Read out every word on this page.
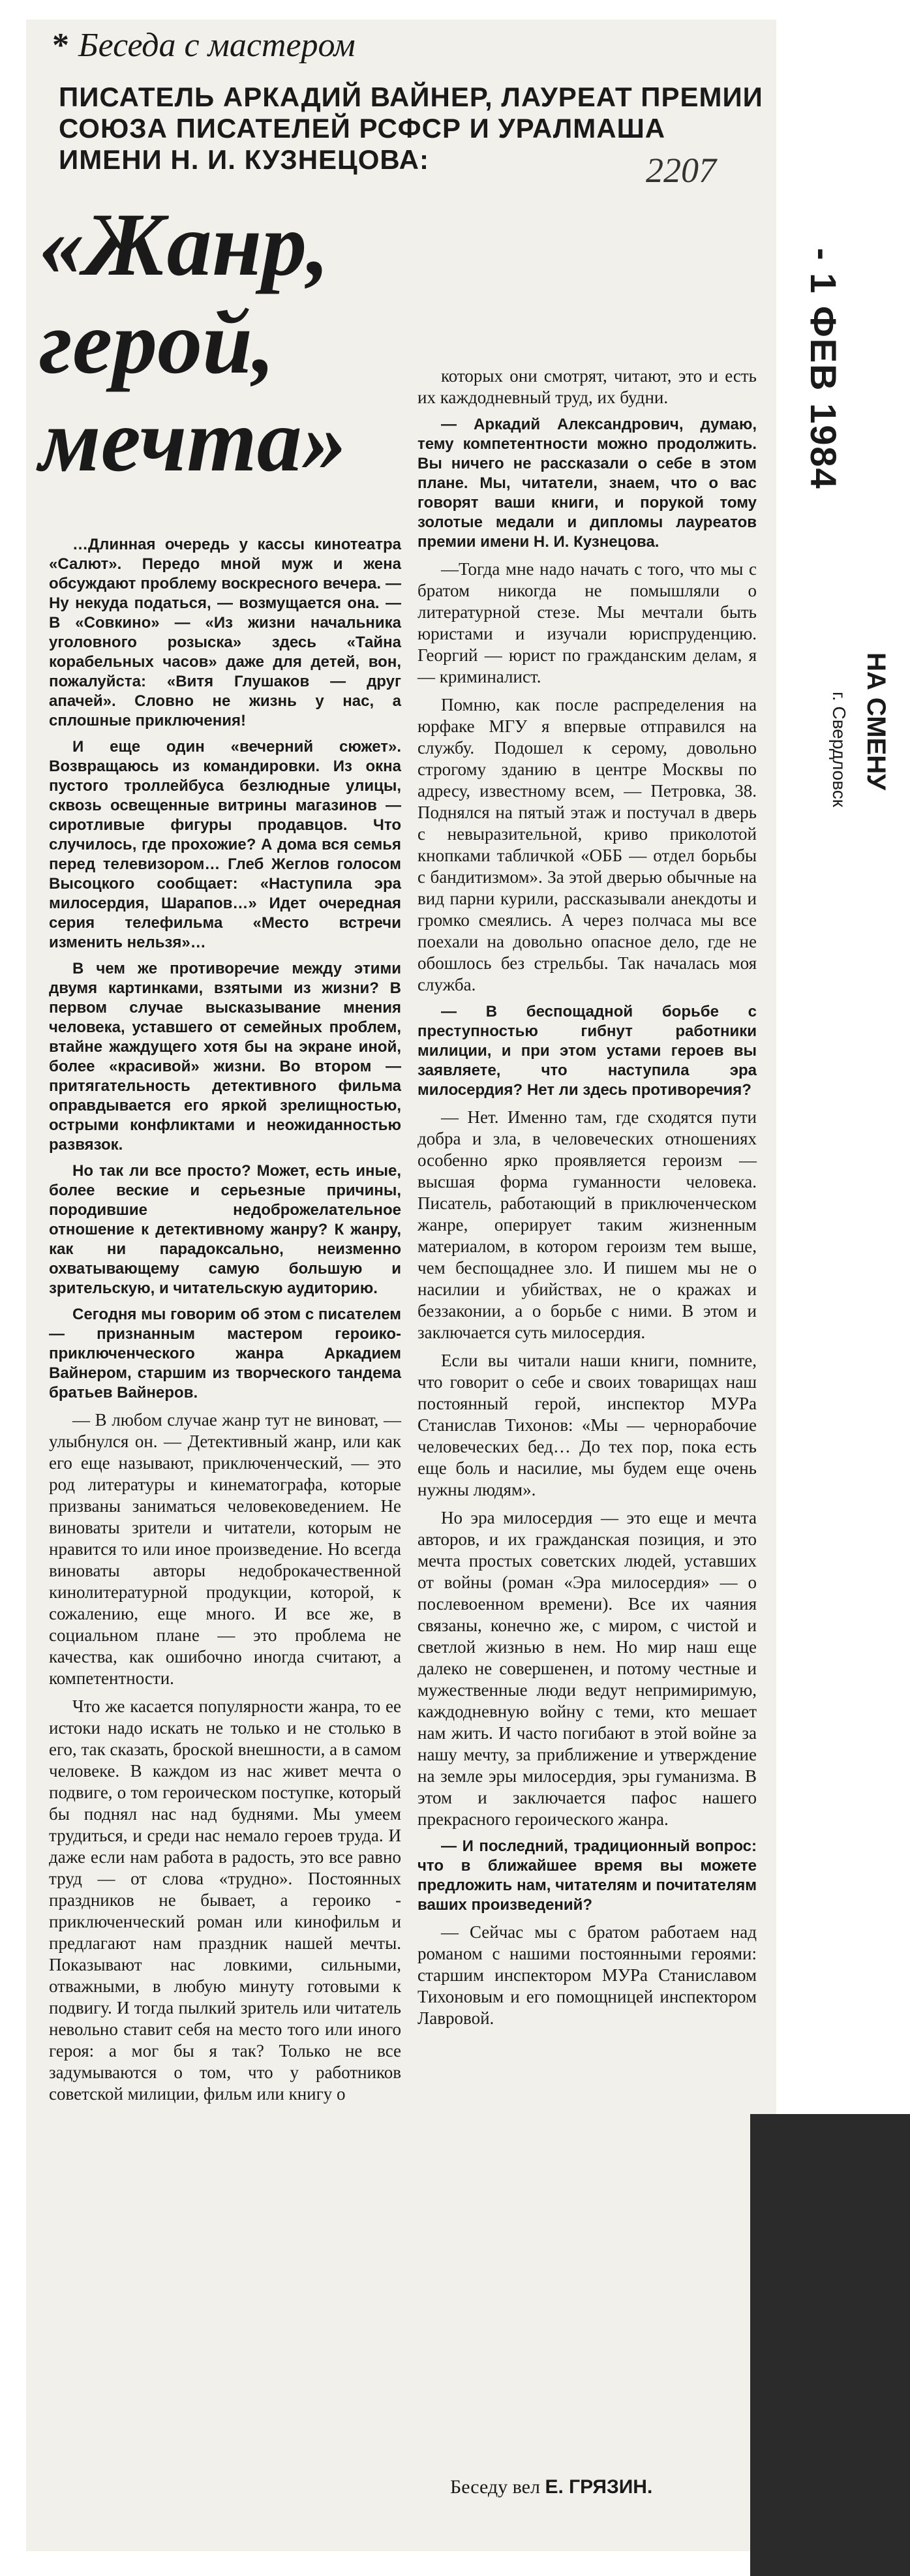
* Беседа с мастером
ПИСАТЕЛЬ АРКАДИЙ ВАЙНЕР, ЛАУРЕАТ ПРЕМИИ СОЮЗА ПИСАТЕЛЕЙ РСФСР И УРАЛМАША ИМЕНИ Н. И. КУЗНЕЦОВА:
«Жанр, герой, мечта»
2207
- 1 ФЕВ 1984
НА СМЕНУ
г. Свердловск

…Длинная очередь у кассы кинотеатра «Салют». Передо мной муж и жена обсуждают проблему воскресного вечера. — Ну некуда податься, — возмущается она. — В «Совкино» — «Из жизни начальника уголовного розыска» здесь «Тайна корабельных часов» даже для детей, вон, пожалуйста: «Витя Глушаков — друг апачей». Словно не жизнь у нас, а сплошные приключения!

И еще один «вечерний сюжет». Возвращаюсь из командировки. Из окна пустого троллейбуса безлюдные улицы, сквозь освещенные витрины магазинов — сиротливые фигуры продавцов. Что случилось, где прохожие? А дома вся семья перед телевизором… Глеб Жеглов голосом Высоцкого сообщает: «Наступила эра милосердия, Шарапов…» Идет очередная серия телефильма «Место встречи изменить нельзя»…

В чем же противоречие между этими двумя картинками, взятыми из жизни? В первом случае высказывание мнения человека, уставшего от семейных проблем, втайне жаждущего хотя бы на экране иной, более «красивой» жизни. Во втором — притягательность детективного фильма оправдывается его яркой зрелищностью, острыми конфликтами и неожиданностью развязок.

Но так ли все просто? Может, есть иные, более веские и серьезные причины, породившие недоброжелательное отношение к детективному жанру? К жанру, как ни парадоксально, неизменно охватывающему самую большую и зрительскую, и читательскую аудиторию.

Сегодня мы говорим об этом с писателем — признанным мастером героико-приключенческого жанра Аркадием Вайнером, старшим из творческого тандема братьев Вайнеров.

— В любом случае жанр тут не виноват, — улыбнулся он. — Детективный жанр, или как его еще называют, приключенческий, — это род литературы и кинематографа, которые призваны заниматься человековедением. Не виноваты зрители и читатели, которым не нравится то или иное произведение. Но всегда виноваты авторы недоброкачественной кинолитературной продукции, которой, к сожалению, еще много. И все же, в социальном плане — это проблема не качества, как ошибочно иногда считают, а компетентности.

Что же касается популярности жанра, то ее истоки надо искать не только и не столько в его, так сказать, броской внешности, а в самом человеке. В каждом из нас живет мечта о подвиге, о том героическом поступке, который бы поднял нас над буднями. Мы умеем трудиться, и среди нас немало героев труда. И даже если нам работа в радость, это все равно труд — от слова «трудно». Постоянных праздников не бывает, а героико - приключенческий роман или кинофильм и предлагают нам праздник нашей мечты. Показывают нас ловкими, сильными, отважными, в любую минуту готовыми к подвигу. И тогда пылкий зритель или читатель невольно ставит себя на место того или иного героя: а мог бы я так? Только не все задумываются о том, что у работников советской милиции, фильм или книгу о

которых они смотрят, читают, это и есть их каждодневный труд, их будни.

— Аркадий Александрович, думаю, тему компетентности можно продолжить. Вы ничего не рассказали о себе в этом плане. Мы, читатели, знаем, что о вас говорят ваши книги, и порукой тому золотые медали и дипломы лауреатов премии имени Н. И. Кузнецова.

—Тогда мне надо начать с того, что мы с братом никогда не помышляли о литературной стезе. Мы мечтали быть юристами и изучали юриспруденцию. Георгий — юрист по гражданским делам, я — криминалист.

Помню, как после распределения на юрфаке МГУ я впервые отправился на службу. Подошел к серому, довольно строгому зданию в центре Москвы по адресу, известному всем, — Петровка, 38. Поднялся на пятый этаж и постучал в дверь с невыразительной, криво приколотой кнопками табличкой «ОББ — отдел борьбы с бандитизмом». За этой дверью обычные на вид парни курили, рассказывали анекдоты и громко смеялись. А через полчаса мы все поехали на довольно опасное дело, где не обошлось без стрельбы. Так началась моя служба.

— В беспощадной борьбе с преступностью гибнут работники милиции, и при этом устами героев вы заявляете, что наступила эра милосердия? Нет ли здесь противоречия?

— Нет. Именно там, где сходятся пути добра и зла, в человеческих отношениях особенно ярко проявляется героизм — высшая форма гуманности человека. Писатель, работающий в приключенческом жанре, оперирует таким жизненным материалом, в котором героизм тем выше, чем беспощаднее зло. И пишем мы не о насилии и убийствах, не о кражах и беззаконии, а о борьбе с ними. В этом и заключается суть милосердия.

Если вы читали наши книги, помните, что говорит о себе и своих товарищах наш постоянный герой, инспектор МУРа Станислав Тихонов: «Мы — чернорабочие человеческих бед… До тех пор, пока есть еще боль и насилие, мы будем еще очень нужны людям».

Но эра милосердия — это еще и мечта авторов, и их гражданская позиция, и это мечта простых советских людей, уставших от войны (роман «Эра милосердия» — о послевоенном времени). Все их чаяния связаны, конечно же, с миром, с чистой и светлой жизнью в нем. Но мир наш еще далеко не совершенен, и потому честные и мужественные люди ведут непримиримую, каждодневную войну с теми, кто мешает нам жить. И часто погибают в этой войне за нашу мечту, за приближение и утверждение на земле эры милосердия, эры гуманизма. В этом и заключается пафос нашего прекрасного героического жанра.

— И последний, традиционный вопрос: что в ближайшее время вы можете предложить нам, читателям и почитателям ваших произведений?

— Сейчас мы с братом работаем над романом с нашими постоянными героями: старшим инспектором МУРа Станиславом Тихоновым и его помощницей инспектором Лавровой.

Беседу вел Е. ГРЯЗИН.
